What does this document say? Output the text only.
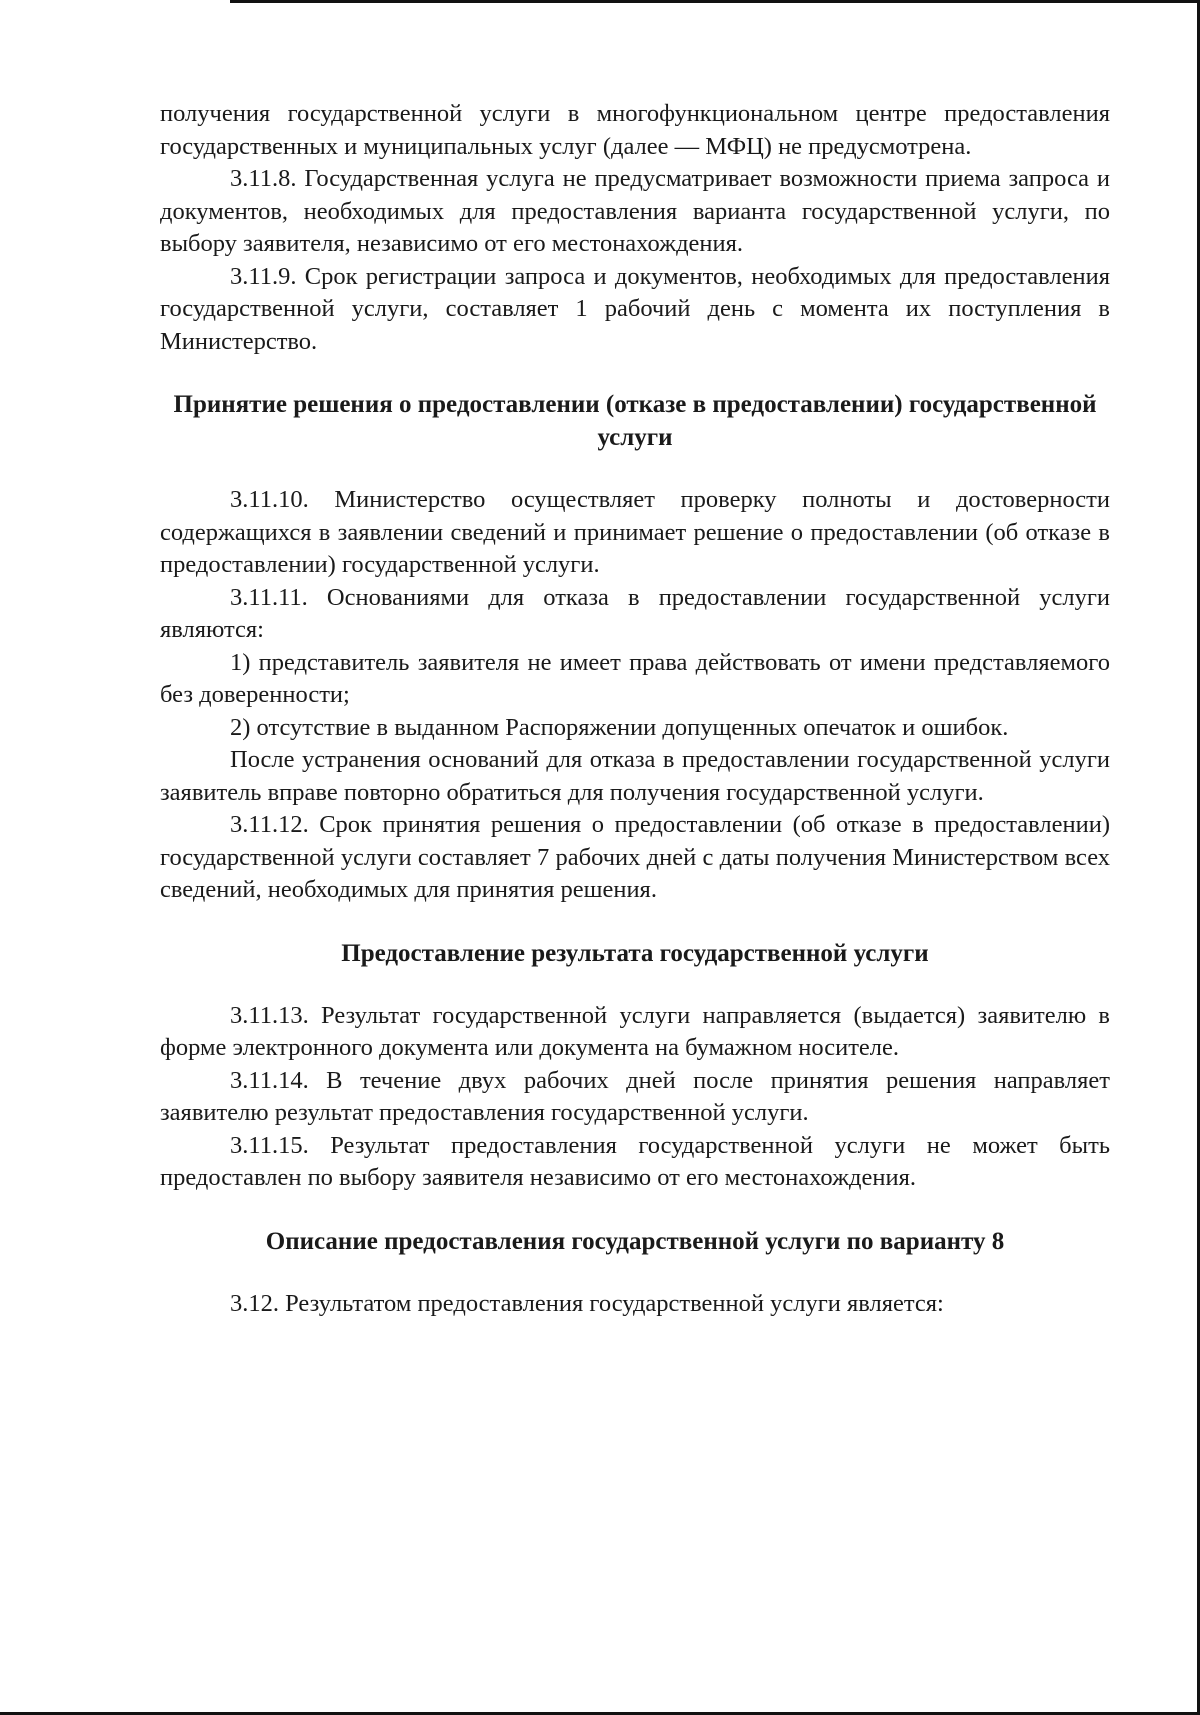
получения государственной услуги в многофункциональном центре предоставления государственных и муниципальных услуг (далее — МФЦ) не предусмотрена.

3.11.8. Государственная услуга не предусматривает возможности приема запроса и документов, необходимых для предоставления варианта государственной услуги, по выбору заявителя, независимо от его местонахождения.

3.11.9. Срок регистрации запроса и документов, необходимых для предоставления государственной услуги, составляет 1 рабочий день с момента их поступления в Министерство.

Принятие решения о предоставлении (отказе в предоставлении) государственной услуги

3.11.10. Министерство осуществляет проверку полноты и достоверности содержащихся в заявлении сведений и принимает решение о предоставлении (об отказе в предоставлении) государственной услуги.

3.11.11. Основаниями для отказа в предоставлении государственной услуги являются:

1) представитель заявителя не имеет права действовать от имени представляемого без доверенности;

2) отсутствие в выданном Распоряжении допущенных опечаток и ошибок.

После устранения оснований для отказа в предоставлении государственной услуги заявитель вправе повторно обратиться для получения государственной услуги.

3.11.12. Срок принятия решения о предоставлении (об отказе в предоставлении) государственной услуги составляет 7 рабочих дней с даты получения Министерством всех сведений, необходимых для принятия решения.

Предоставление результата государственной услуги

3.11.13. Результат государственной услуги направляется (выдается) заявителю в форме электронного документа или документа на бумажном носителе.

3.11.14. В течение двух рабочих дней после принятия решения направляет заявителю результат предоставления государственной услуги.

3.11.15. Результат предоставления государственной услуги не может быть предоставлен по выбору заявителя независимо от его местонахождения.

Описание предоставления государственной услуги по варианту 8

3.12. Результатом предоставления государственной услуги является:
